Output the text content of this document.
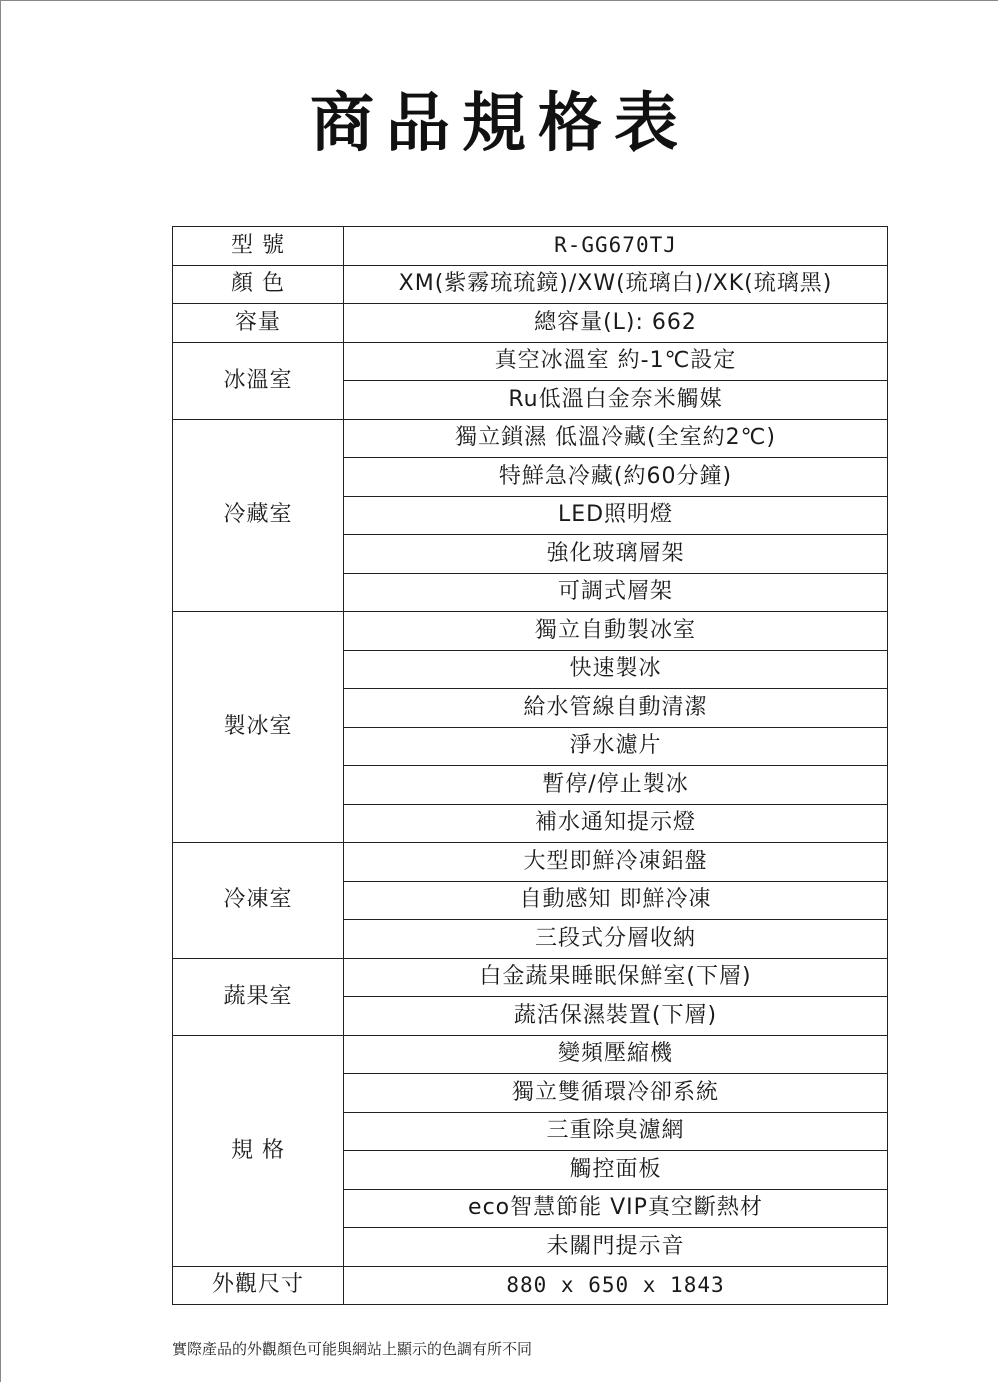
商品規格表
型 號	R-GG670TJ
顏 色	XM(紫霧琉琉鏡)/XW(琉璃白)/XK(琉璃黑)
容量	總容量(L): 662
冰溫室	真空冰溫室 約-1℃設定
	Ru低溫白金奈米觸媒
冷藏室	獨立鎖濕 低溫冷藏(全室約2℃)
	特鮮急冷藏(約60分鐘)
	LED照明燈
	強化玻璃層架
	可調式層架
製冰室	獨立自動製冰室
	快速製冰
	給水管線自動清潔
	淨水濾片
	暫停/停止製冰
	補水通知提示燈
冷凍室	大型即鮮冷凍鋁盤
	自動感知 即鮮冷凍
	三段式分層收納
蔬果室	白金蔬果睡眠保鮮室(下層)
	蔬活保濕裝置(下層)
規 格	變頻壓縮機
	獨立雙循環冷卻系統
	三重除臭濾網
	觸控面板
	eco智慧節能 VIP真空斷熱材
	未關門提示音
外觀尺寸	880 x 650 x 1843
實際產品的外觀顏色可能與網站上顯示的色調有所不同
